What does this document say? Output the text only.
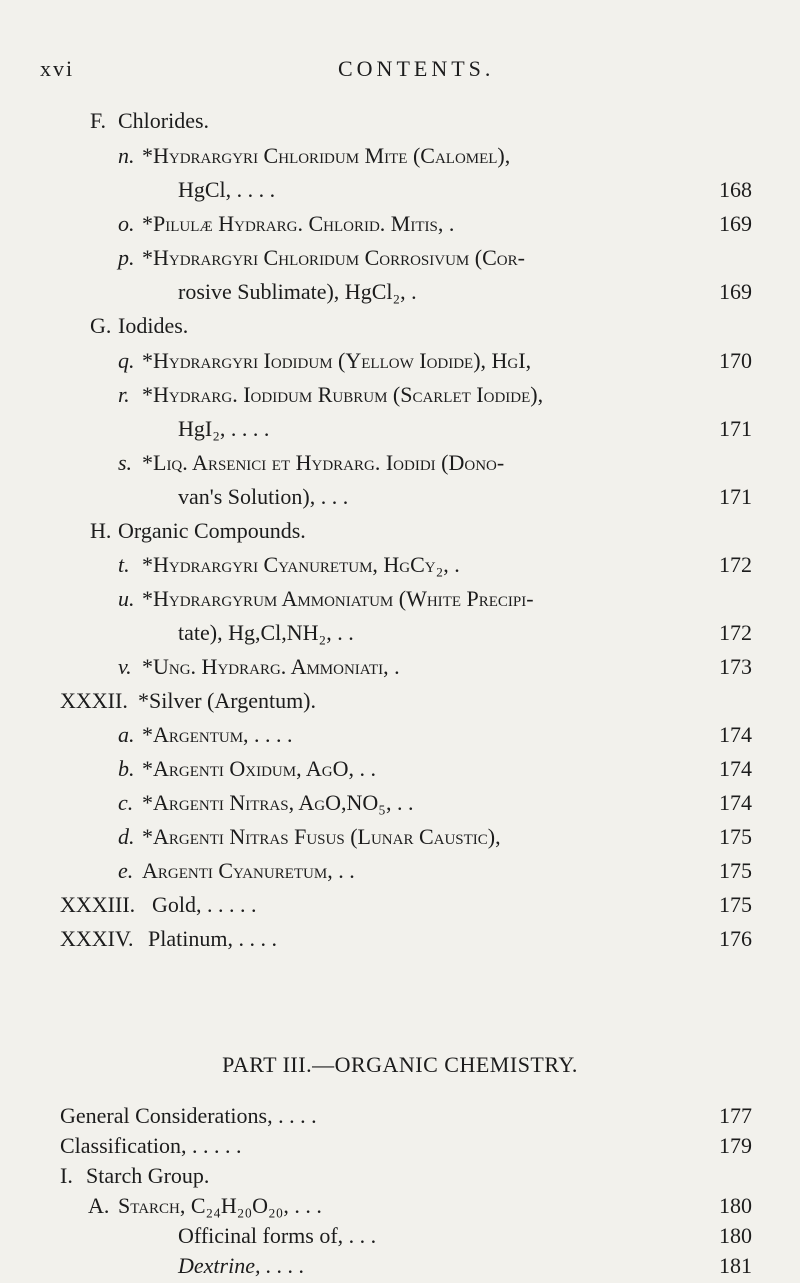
xvi	CONTENTS.
F. Chlorides.
n. *Hydrargyri Chloridum Mite (Calomel),
HgCl, . . . .	168
o. *Pilulæ Hydrarg. Chlorid. Mitis, .	169
p. *Hydrargyri Chloridum Corrosivum (Cor-
rosive Sublimate), HgCl₂, .	169
G. Iodides.
q. *Hydrargyri Iodidum (Yellow Iodide), HgI,	170
r. *Hydrarg. Iodidum Rubrum (Scarlet Iodide),
HgI₂, . . . .	171
s. *Liq. Arsenici et Hydrarg. Iodidi (Dono-
van's Solution), . . .	171
H. Organic Compounds.
t. *Hydrargyri Cyanuretum, HgCy₂, .	172
u. *Hydrargyrum Ammoniatum (White Precipi-
tate), Hg,Cl,NH₂, . .	172
v. *Ung. Hydrarg. Ammoniati, .	173
XXXII. *Silver (Argentum).
a. *Argentum, . . . .	174
b. *Argenti Oxidum, AgO, . .	174
c. *Argenti Nitras, AgO,NO₅, . .	174
d. *Argenti Nitras Fusus (Lunar Caustic),	175
e. Argenti Cyanuretum, . .	175
XXXIII. Gold, . . . . .	175
XXXIV. Platinum, . . . .	176
PART III.—ORGANIC CHEMISTRY.
General Considerations, . . . .	177
Classification, . . . . .	179
I. Starch Group.
A. Starch, C₂₄H₂₀O₂₀, . . .	180
Officinal forms of, . . .	180
Dextrine, . . . .	181
